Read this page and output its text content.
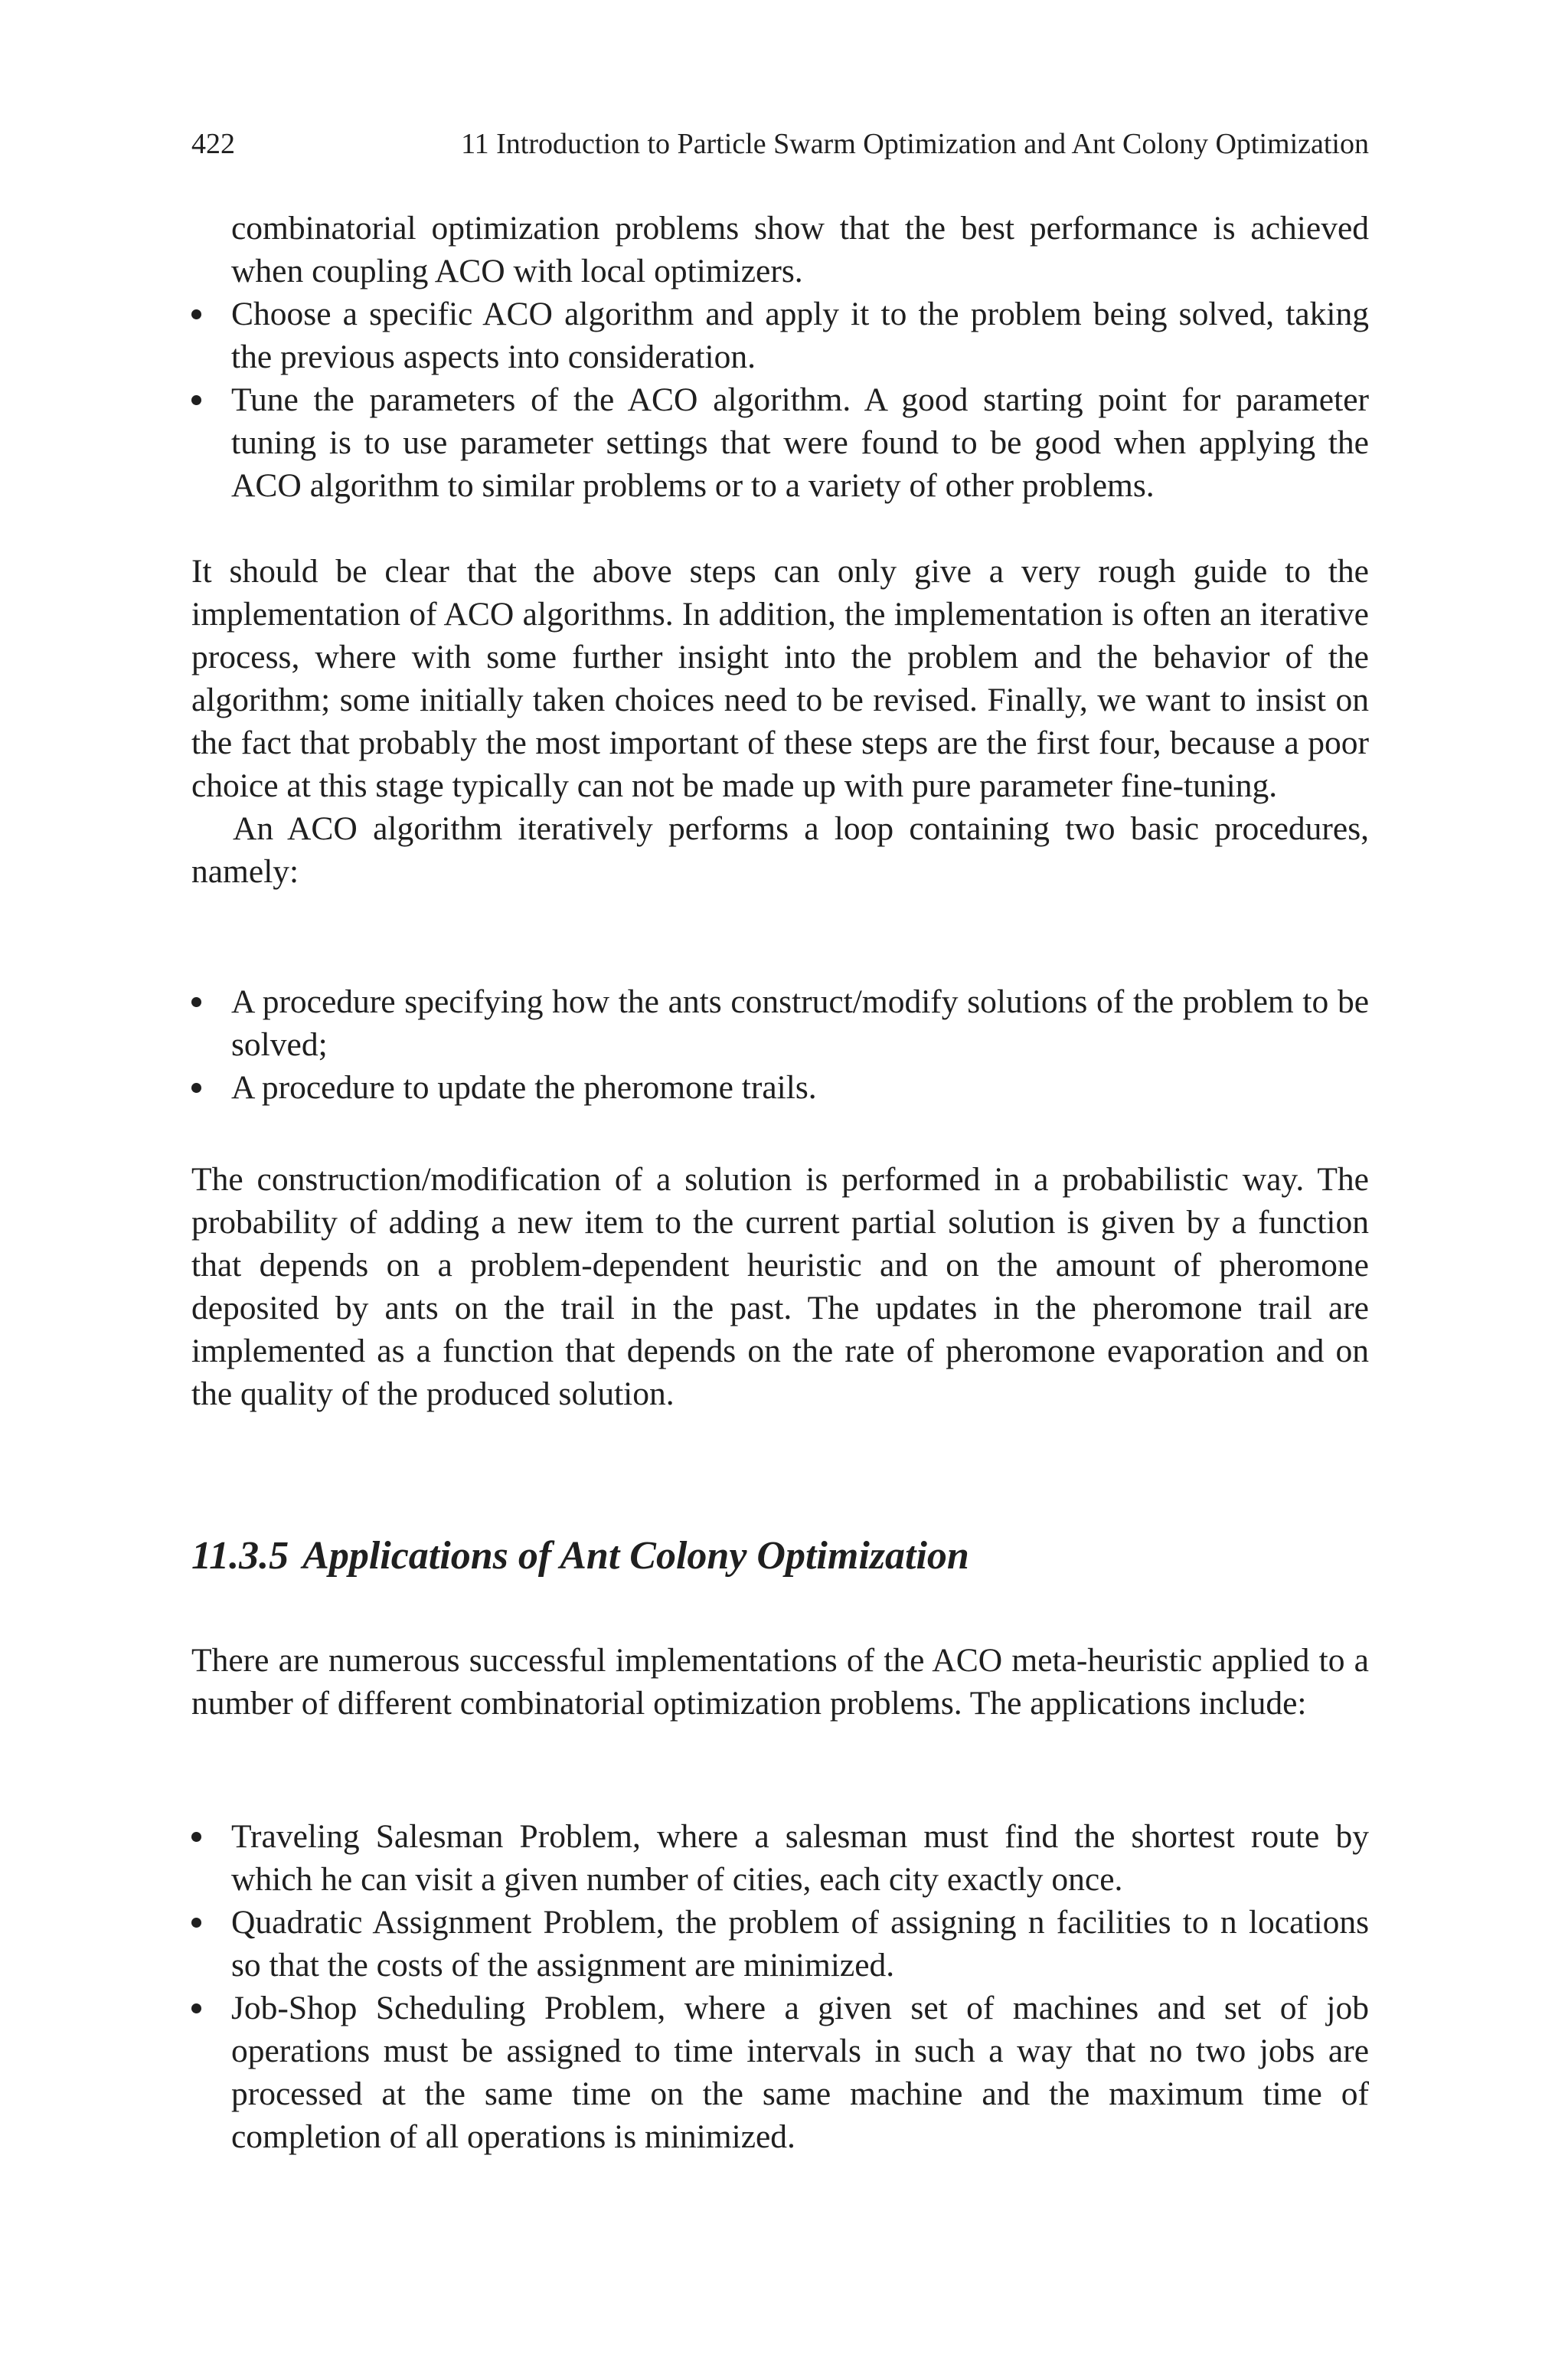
422	11 Introduction to Particle Swarm Optimization and Ant Colony Optimization
combinatorial optimization problems show that the best performance is achieved when coupling ACO with local optimizers.
Choose a specific ACO algorithm and apply it to the problem being solved, taking the previous aspects into consideration.
Tune the parameters of the ACO algorithm. A good starting point for parameter tuning is to use parameter settings that were found to be good when applying the ACO algorithm to similar problems or to a variety of other problems.

It should be clear that the above steps can only give a very rough guide to the implementation of ACO algorithms. In addition, the implementation is often an iterative process, where with some further insight into the problem and the behavior of the algorithm; some initially taken choices need to be revised. Finally, we want to insist on the fact that probably the most important of these steps are the first four, because a poor choice at this stage typically can not be made up with pure parameter fine-tuning.

An ACO algorithm iteratively performs a loop containing two basic procedures, namely:

A procedure specifying how the ants construct/modify solutions of the problem to be solved;
A procedure to update the pheromone trails.

The construction/modification of a solution is performed in a probabilistic way. The probability of adding a new item to the current partial solution is given by a function that depends on a problem-dependent heuristic and on the amount of pheromone deposited by ants on the trail in the past. The updates in the pheromone trail are implemented as a function that depends on the rate of pheromone evaporation and on the quality of the produced solution.

11.3.5 Applications of Ant Colony Optimization

There are numerous successful implementations of the ACO meta-heuristic applied to a number of different combinatorial optimization problems. The applications include:

Traveling Salesman Problem, where a salesman must find the shortest route by which he can visit a given number of cities, each city exactly once.
Quadratic Assignment Problem, the problem of assigning n facilities to n locations so that the costs of the assignment are minimized.
Job-Shop Scheduling Problem, where a given set of machines and set of job operations must be assigned to time intervals in such a way that no two jobs are processed at the same time on the same machine and the maximum time of completion of all operations is minimized.
